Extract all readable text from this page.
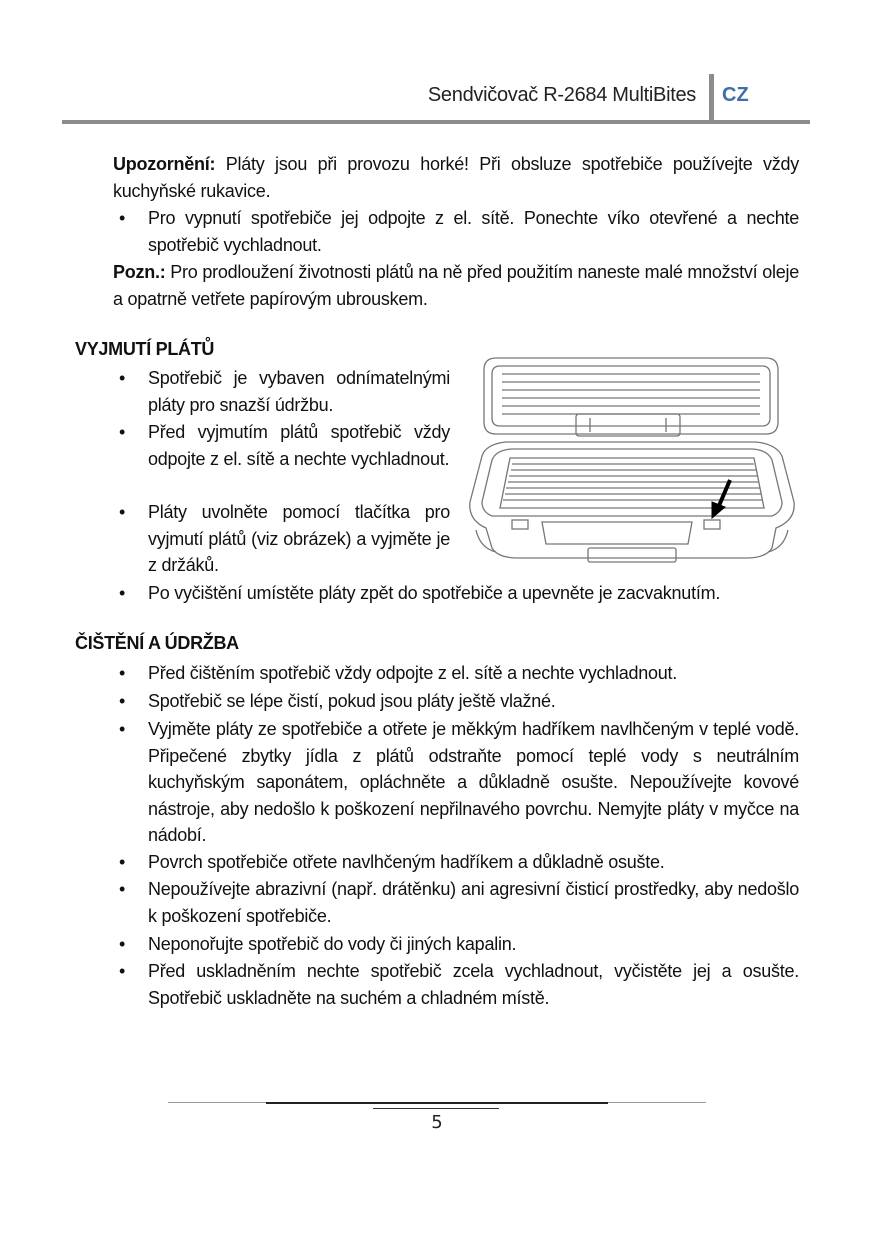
Sendvičovač R-2684 MultiBites CZ
Upozornění: Pláty jsou při provozu horké! Při obsluze spotřebiče používejte vždy kuchyňské rukavice.
•	Pro vypnutí spotřebiče jej odpojte z el. sítě. Ponechte víko otevřené a nechte spotřebič vychladnout.
Pozn.: Pro prodloužení životnosti plátů na ně před použitím naneste malé množství oleje a opatrně vetřete papírovým ubrouskem.
VYJMUTÍ PLÁTŮ
•	Spotřebič je vybaven odnímatelnými pláty pro snazší údržbu.
•	Před vyjmutím plátů spotřebič vždy odpojte z el. sítě a nechte vychladnout.
•	Pláty uvolněte pomocí tlačítka pro vyjmutí plátů (viz obrázek) a vyjměte je z držáků.
•	Po vyčištění umístěte pláty zpět do spotřebiče a upevněte je zacvaknutím.
ČIŠTĚNÍ A ÚDRŽBA
•	Před čištěním spotřebič vždy odpojte z el. sítě a nechte vychladnout.
•	Spotřebič se lépe čistí, pokud jsou pláty ještě vlažné.
•	Vyjměte pláty ze spotřebiče a otřete je měkkým hadříkem navlhčeným v teplé vodě. Připečené zbytky jídla z plátů odstraňte pomocí teplé vody s neutrálním kuchyňským saponátem, opláchněte a důkladně osušte. Nepoužívejte kovové nástroje, aby nedošlo k poškození nepřilnavého povrchu. Nemyjte pláty v myčce na nádobí.
•	Povrch spotřebiče otřete navlhčeným hadříkem a důkladně osušte.
•	Nepoužívejte abrazivní (např. drátěnku) ani agresivní čisticí prostředky, aby nedošlo k poškození spotřebiče.
•	Neponořujte spotřebič do vody či jiných kapalin.
•	Před uskladněním nechte spotřebič zcela vychladnout, vyčistěte jej a osušte. Spotřebič uskladněte na suchém a chladném místě.
5
